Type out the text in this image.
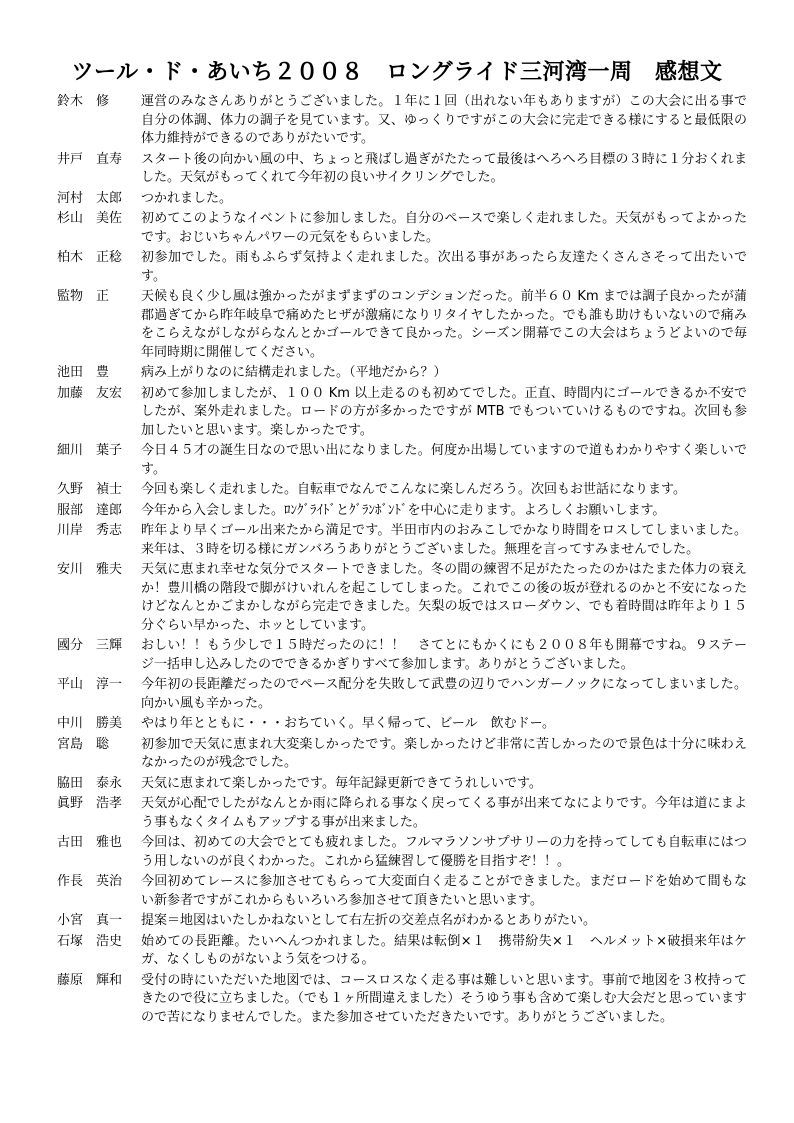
ツール・ド・あいち２００８　ロングライド三河湾一周　感想文
鈴木　修	運営のみなさんありがとうございました。１年に１回（出れない年もありますが）この大会に出る事で自分の体調、体力の調子を見ています。又、ゆっくりですがこの大会に完走できる様にすると最低限の体力維持ができるのでありがたいです。
井戸　直寿	スタート後の向かい風の中、ちょっと飛ばし過ぎがたたって最後はへろへろ目標の３時に１分おくれました。天気がもってくれて今年初の良いサイクリングでした。
河村　太郎	つかれました。
杉山　美佐	初めてこのようなイベントに参加しました。自分のペースで楽しく走れました。天気がもってよかったです。おじいちゃんパワーの元気をもらいました。
柏木　正稔	初参加でした。雨もふらず気持よく走れました。次出る事があったら友達たくさんさそって出たいです。
監物　正	天候も良く少し風は強かったがまずまずのコンデションだった。前半６０ Km までは調子良かったが蒲郡過ぎてから昨年岐阜で痛めたヒザが激痛になりリタイヤしたかった。でも誰も助けもいないので痛みをこらえながしながらなんとかゴールできて良かった。シーズン開幕でこの大会はちょうどよいので毎年同時期に開催してください。
池田　豊	病み上がりなのに結構走れました。（平地だから？）
加藤　友宏	初めて参加しましたが、１００ Km 以上走るのも初めてでした。正直、時間内にゴールできるか不安でしたが、案外走れました。ロードの方が多かったですが MTB でもついていけるものですね。次回も参加したいと思います。楽しかったです。
細川　葉子	今日４５才の誕生日なので思い出になりました。何度か出場していますので道もわかりやすく楽しいです。
久野　禎士	今回も楽しく走れました。自転車でなんでこんなに楽しんだろう。次回もお世話になります。
服部　達郎	今年から入会しました。ﾛﾝｸﾞﾗｲﾄﾞとｸﾞﾗﾝﾎﾞﾝﾄﾞを中心に走ります。よろしくお願いします。
川岸　秀志	昨年より早くゴール出来たから満足です。半田市内のおみこしでかなり時間をロスしてしまいました。来年は、３時を切る様にガンバろうありがとうございました。無理を言ってすみませんでした。
安川　雅夫	天気に恵まれ幸せな気分でスタートできました。冬の間の練習不足がたたったのかはたまた体力の衰えか！豊川橋の階段で脚がけいれんを起こしてしまった。これでこの後の坂が登れるのかと不安になったけどなんとかごまかしながら完走できました。矢梨の坂ではスローダウン、でも着時間は昨年より１５分ぐらい早かった、ホッとしています。
國分　三輝	おしい！！もう少しで１５時だったのに！！　さてとにもかくにも２００８年も開幕ですね。９ステージ一括申し込みしたのでできるかぎりすべて参加します。ありがとうございました。
平山　淳一	今年初の長距離だったのでペース配分を失敗して武豊の辺りでハンガーノックになってしまいました。向かい風も辛かった。
中川　勝美	やはり年とともに・・・おちていく。早く帰って、ビール　飲むドー。
宮島　聡	初参加で天気に恵まれ大変楽しかったです。楽しかったけど非常に苦しかったので景色は十分に味わえなかったのが残念でした。
脇田　泰永	天気に恵まれて楽しかったです。毎年記録更新できてうれしいです。
眞野　浩孝	天気が心配でしたがなんとか雨に降られる事なく戻ってくる事が出来てなによりです。今年は道にまよう事もなくタイムもアップする事が出来ました。
古田　雅也	今回は、初めての大会でとても疲れました。フルマラソンサプサリーの力を持ってしても自転車にはつう用しないのが良くわかった。これから猛練習して優勝を目指すぞ！！。
作長　英治	今回初めてレースに参加させてもらって大変面白く走ることができました。まだロードを始めて間もない新参者ですがこれからもいろいろ参加させて頂きたいと思います。
小宮　真一	提案＝地図はいたしかねないとして右左折の交差点名がわかるとありがたい。
石塚　浩史	始めての長距離。たいへんつかれました。結果は転倒×１　携帯紛失×１　ヘルメット×破損来年はケガ、なくしものがないよう気をつける。
藤原　輝和	受付の時にいただいた地図では、コースロスなく走る事は難しいと思います。事前で地図を３枚持ってきたので役に立ちました。（でも１ヶ所間違えました）そうゆう事も含めて楽しむ大会だと思っていますので苦になりませんでした。また参加させていただきたいです。ありがとうございました。
